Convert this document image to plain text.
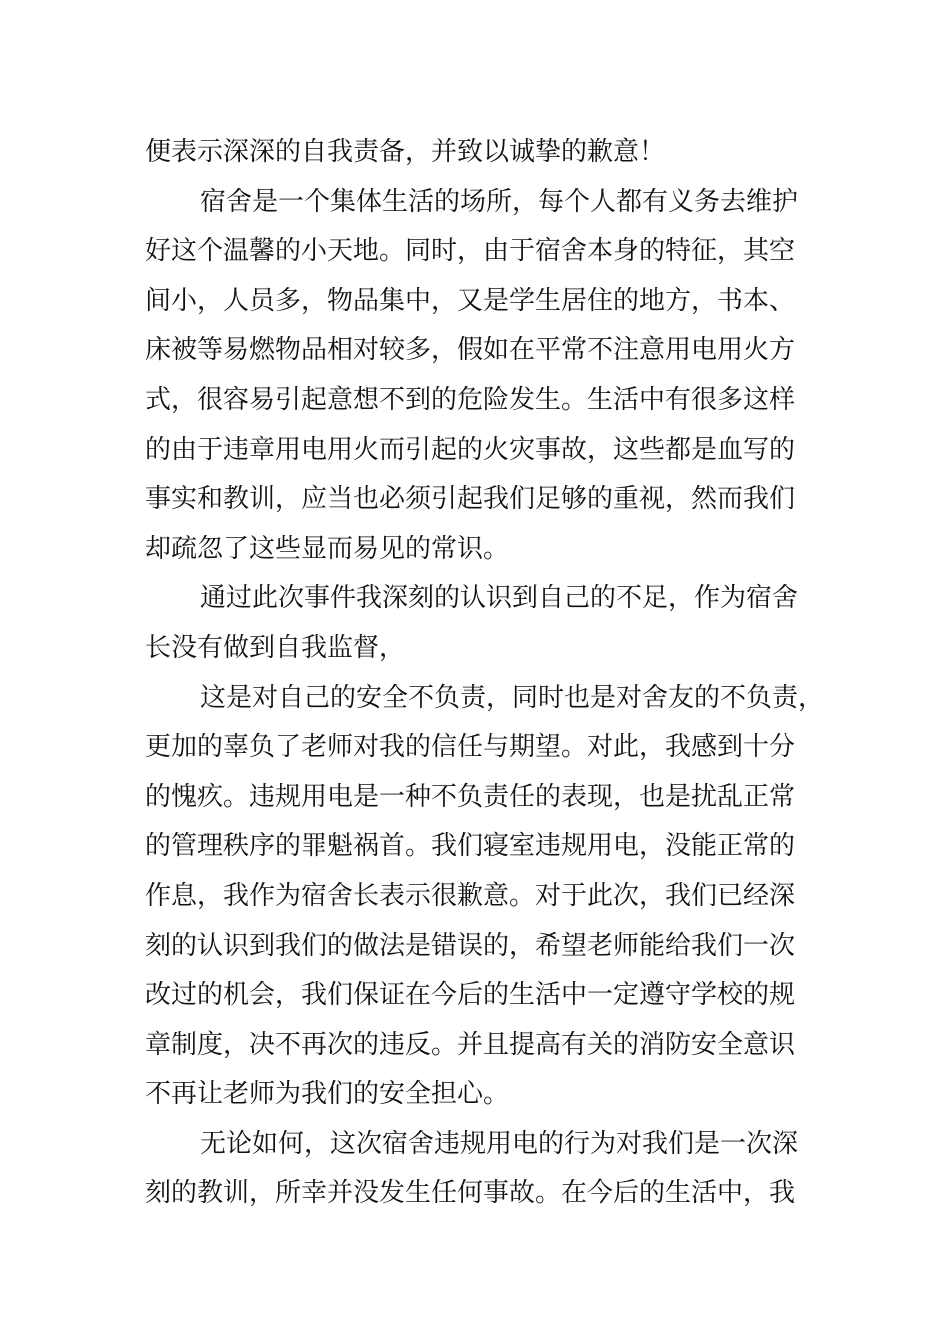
便表示深深的自我责备，并致以诚挚的歉意！
宿舍是一个集体生活的场所，每个人都有义务去维护
好这个温馨的小天地。同时，由于宿舍本身的特征，其空
间小，人员多，物品集中，又是学生居住的地方，书本、
床被等易燃物品相对较多，假如在平常不注意用电用火方
式，很容易引起意想不到的危险发生。生活中有很多这样
的由于违章用电用火而引起的火灾事故，这些都是血写的
事实和教训，应当也必须引起我们足够的重视，然而我们
却疏忽了这些显而易见的常识。
通过此次事件我深刻的认识到自己的不足，作为宿舍
长没有做到自我监督，
这是对自己的安全不负责，同时也是对舍友的不负责，
更加的辜负了老师对我的信任与期望。对此，我感到十分
的愧疚。违规用电是一种不负责任的表现，也是扰乱正常
的管理秩序的罪魁祸首。我们寝室违规用电，没能正常的
作息，我作为宿舍长表示很歉意。对于此次，我们已经深
刻的认识到我们的做法是错误的，希望老师能给我们一次
改过的机会，我们保证在今后的生活中一定遵守学校的规
章制度，决不再次的违反。并且提高有关的消防安全意识
不再让老师为我们的安全担心。
无论如何，这次宿舍违规用电的行为对我们是一次深
刻的教训，所幸并没发生任何事故。在今后的生活中，我
